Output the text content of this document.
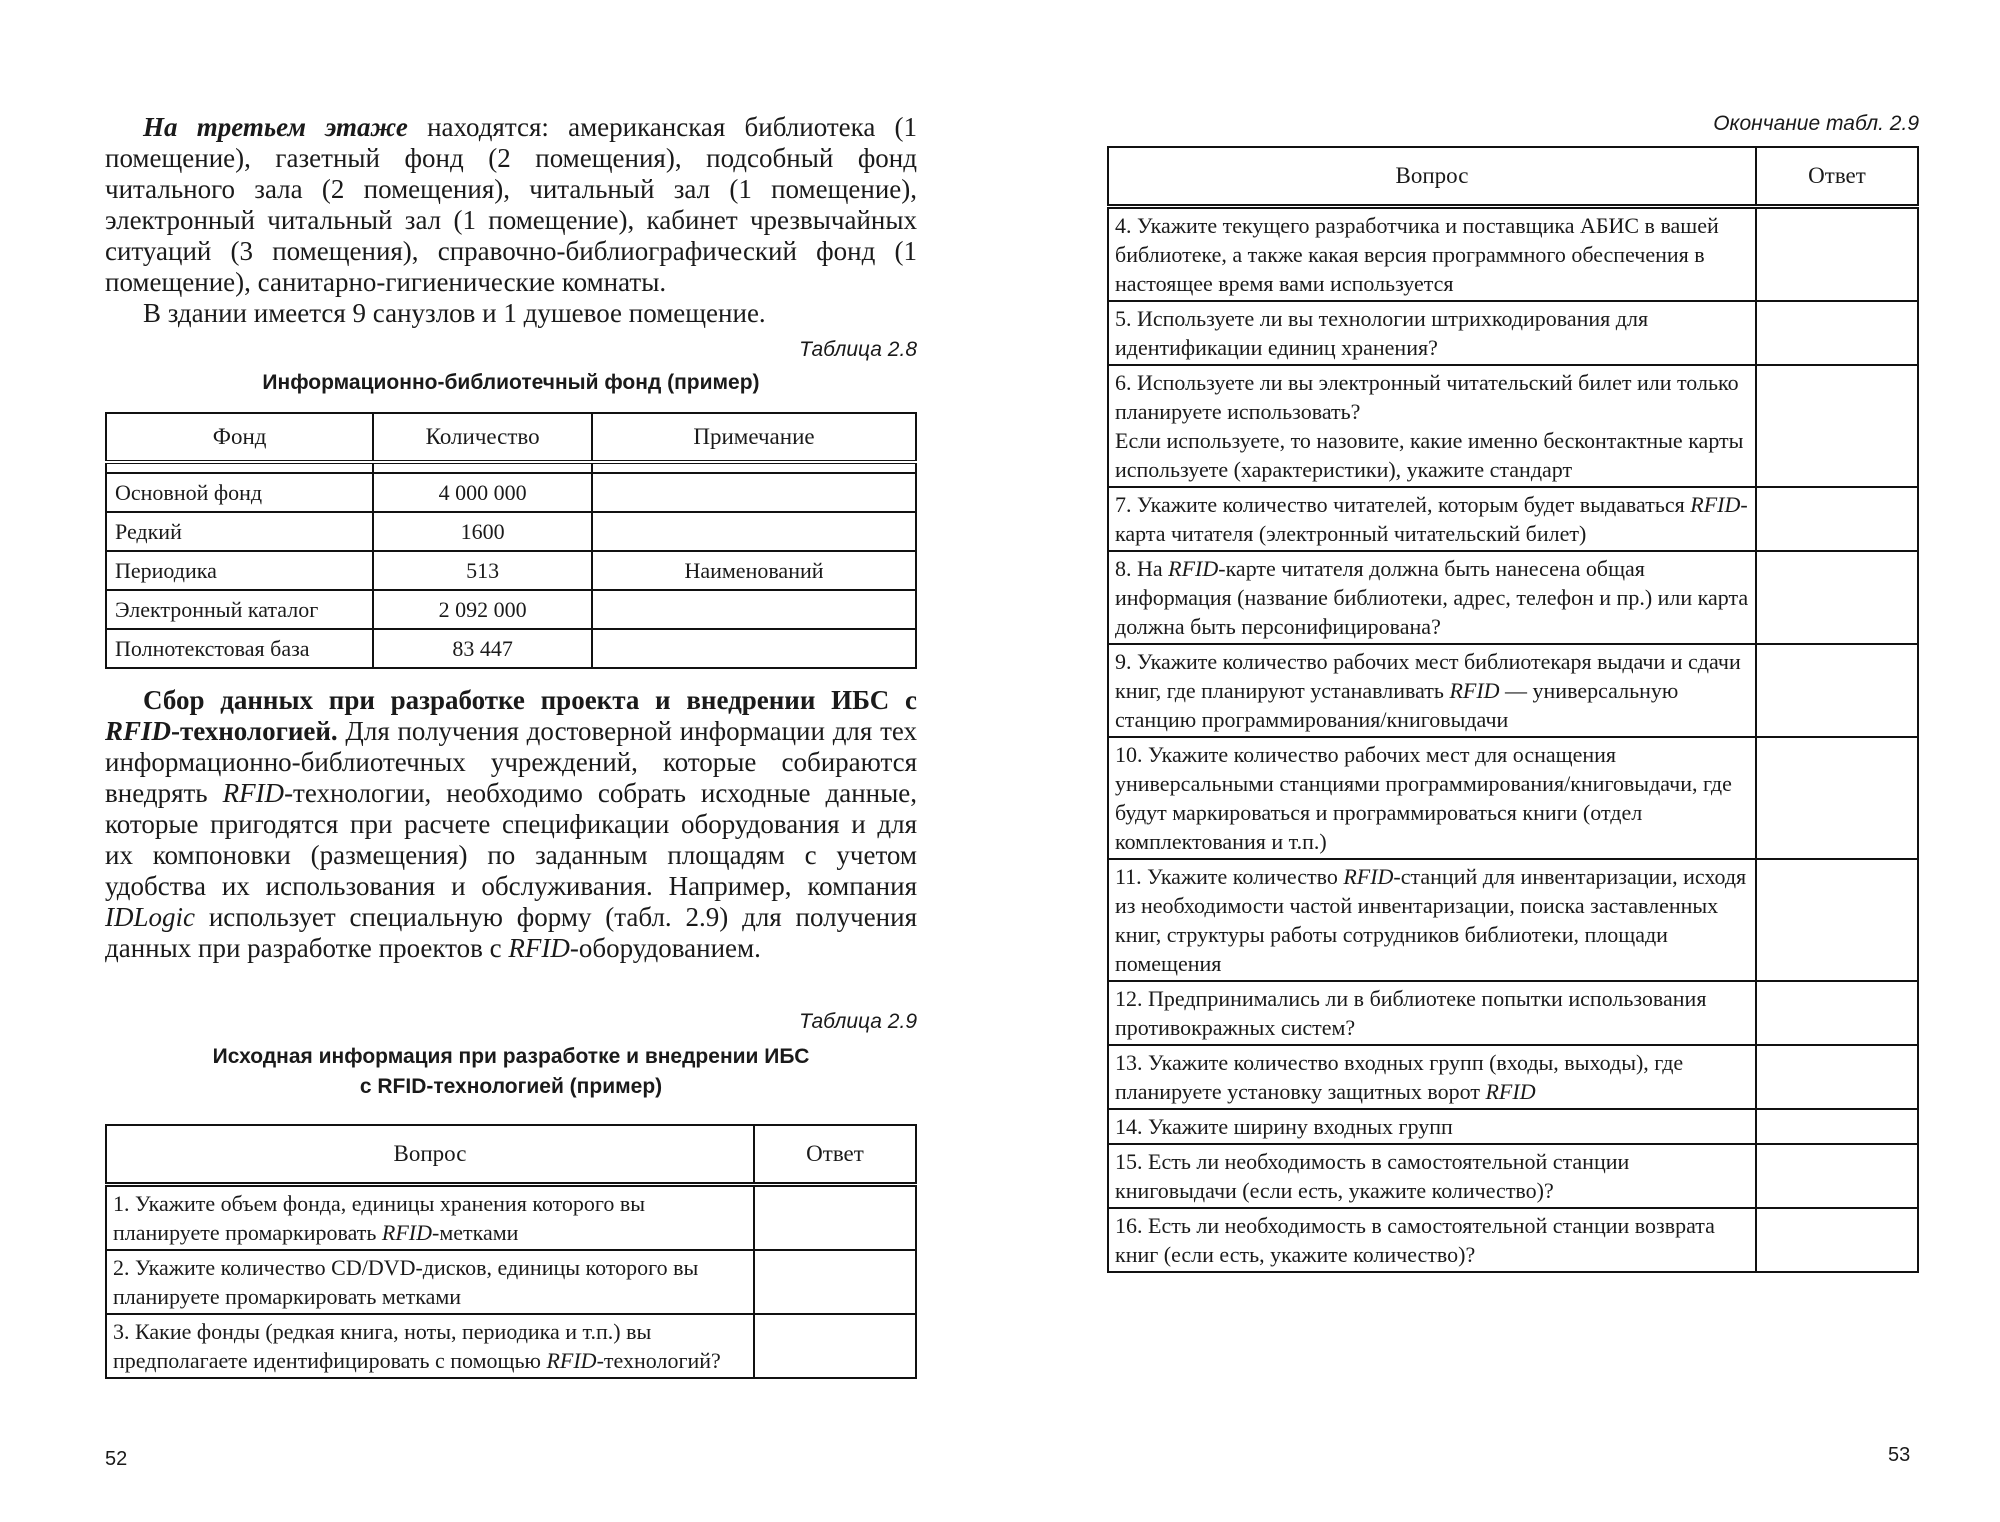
На третьем этаже находятся: американская библиотека (1 помещение), газетный фонд (2 помещения), подсобный фонд читального зала (2 помещения), читальный зал (1 помещение), электронный читальный зал (1 помещение), кабинет чрезвычайных ситуаций (3 помещения), справочно-библиографический фонд (1 помещение), санитарно-гигиенические комнаты.

В здании имеется 9 санузлов и 1 душевое помещение.

Таблица 2.8
Информационно-библиотечный фонд (пример)
Фонд	Количество	Примечание

Основной фонд	4 000 000	
Редкий	1600	
Периодика	513	Наименований
Электронный каталог	2 092 000	
Полнотекстовая база	83 447	

Сбор данных при разработке проекта и внедрении ИБС с RFID-технологией. Для получения достоверной информации для тех информационно-библиотечных учреждений, которые собираются внедрять RFID-технологии, необходимо собрать исходные данные, которые пригодятся при расчете спецификации оборудования и для их компоновки (размещения) по заданным площадям с учетом удобства их использования и обслуживания. Например, компания IDLogic использует специальную форму (табл. 2.9) для получения данных при разработке проектов с RFID-оборудованием.

Таблица 2.9
Исходная информация при разработке и внедрении ИБС
с RFID-технологией (пример)
Вопрос	Ответ
1. Укажите объем фонда, единицы хранения которого вы планируете промаркировать RFID-метками	
2. Укажите количество CD/DVD-дисков, единицы которого вы планируете промаркировать метками	
3. Какие фонды (редкая книга, ноты, периодика и т.п.) вы предполагаете идентифицировать с помощью RFID-технологий?	
52
Окончание табл. 2.9
Вопрос	Ответ
4. Укажите текущего разработчика и поставщика АБИС в вашей библиотеке, а также какая версия программного обеспечения в настоящее время вами используется	
5. Используете ли вы технологии штрихкодирования для идентификации единиц хранения?	
6. Используете ли вы электронный читательский билет или только планируете использовать?
Если используете, то назовите, какие именно бесконтактные карты используете (характеристики), укажите стандарт	

7. Укажите количество читателей, которым будет выдаваться RFID-карта читателя (электронный читательский билет)	
8. На RFID-карте читателя должна быть нанесена общая информация (название библиотеки, адрес, телефон и пр.) или карта должна быть персонифицирована?	
9. Укажите количество рабочих мест библиотекаря выдачи и сдачи книг, где планируют устанавливать RFID — универсальную станцию программирования/книговыдачи	
10. Укажите количество рабочих мест для оснащения универсальными станциями программирования/книговыдачи, где будут маркироваться и программироваться книги (отдел комплектования и т.п.)	
11. Укажите количество RFID-станций для инвентаризации, исходя из необходимости частой инвентаризации, поиска заставленных книг, структуры работы сотрудников библиотеки, площади помещения	
12. Предпринимались ли в библиотеке попытки использования противокражных систем?	
13. Укажите количество входных групп (входы, выходы), где планируете установку защитных ворот RFID	
14. Укажите ширину входных групп	
15. Есть ли необходимость в самостоятельной станции книговыдачи (если есть, укажите количество)?	
16. Есть ли необходимость в самостоятельной станции возврата книг (если есть, укажите количество)?	
53
